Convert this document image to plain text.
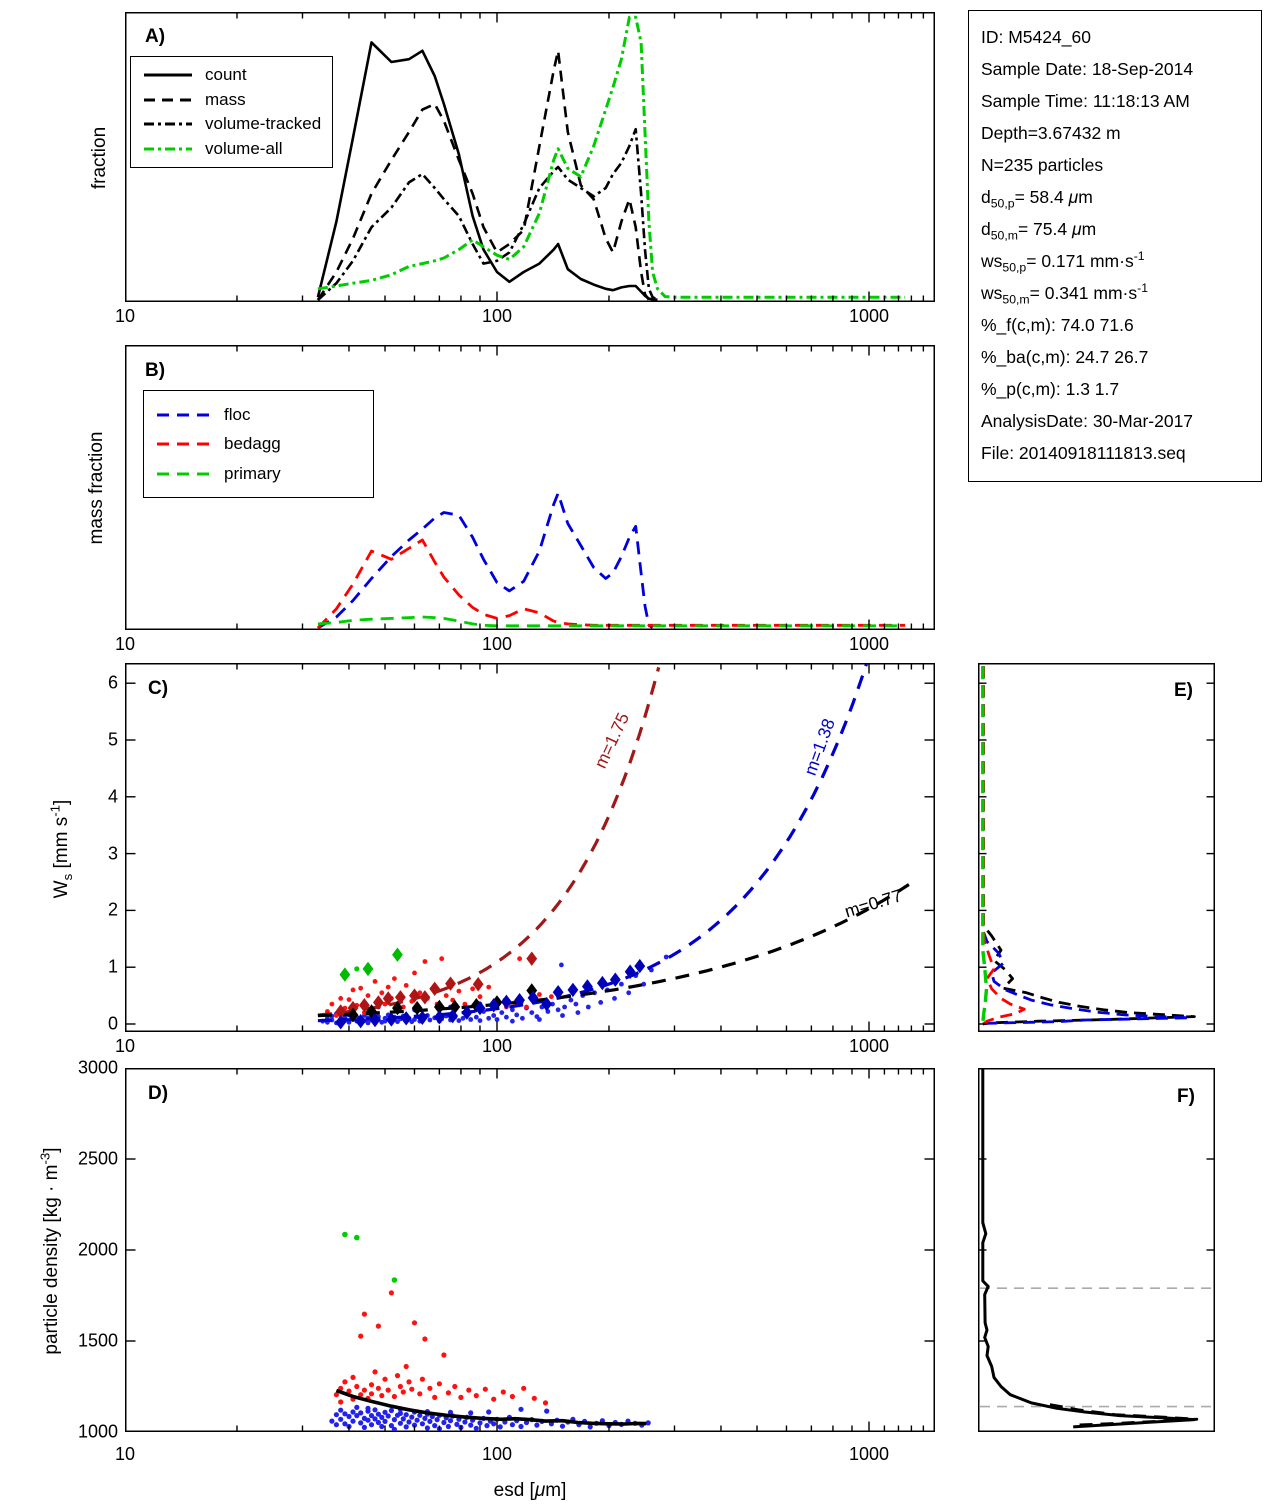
m=1.75	m=1.38
m=0.77
A)
B)
C)
D)
E)
F)
fraction
mass fraction
$W_s$ [mm $s^{-1}$]
particle density $[kg \cdot m^{-3}]$
count
mass
volume-tracked
volume-all
floc
bedagg
primary
10	100	1000
10	100	1000
10	100	1000
10	100	1000
0
1
2
3
4
5
6
1000
1500
2000
2500
3000
esd [μm]
ID: M5424_60
Sample Date: 18-Sep-2014
Sample Time: 11:18:13 AM
Depth=3.67432 m
N=235 particles
$d_{50,p}= 58.4$ μm
$d_{50,m}= 75.4$ μm
$ws_{50,p}= 0.171$ $mm\cdot s^{-1}$
$ws_{50,m}= 0.341$ $mm\cdot s^{-1}$
%_f(c,m): 74.0 71.6
%_ba(c,m): 24.7 26.7
%_p(c,m): 1.3 1.7
AnalysisDate: 30-Mar-2017
File: 20140918111813.seq
